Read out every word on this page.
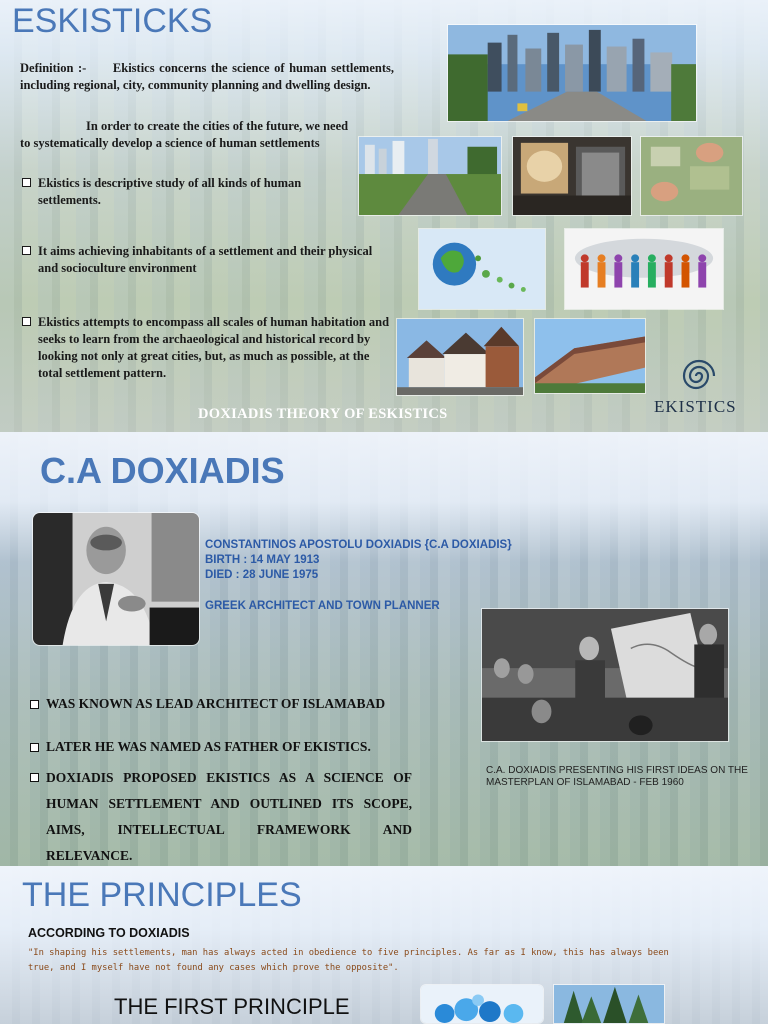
ESKISTICKS
Definition :- Ekistics concerns the science of human settlements, including regional, city, community planning and dwelling design.
In order to create the cities of the future, we need
to systematically develop a science of human settlements
Ekistics is descriptive study of all kinds of human settlements.
It aims achieving inhabitants of a settlement and their physical and socioculture environment
Ekistics attempts to encompass all scales of human habitation and seeks to learn from the archaeological and historical record by looking not only at great cities, but, as much as possible, at the total settlement pattern.
EKISTICS
DOXIADIS THEORY OF ESKISTICS
C.A DOXIADIS
CONSTANTINOS APOSTOLU DOXIADIS {C.A DOXIADIS}
BIRTH : 14 MAY 1913
DIED : 28 JUNE 1975
GREEK ARCHITECT AND TOWN PLANNER
C.A. DOXIADIS PRESENTING HIS FIRST IDEAS ON THE MASTERPLAN OF ISLAMABAD - FEB 1960
WAS KNOWN AS LEAD ARCHITECT OF ISLAMABAD
LATER HE WAS NAMED AS FATHER OF EKISTICS.
DOXIADIS PROPOSED EKISTICS AS A SCIENCE OF HUMAN SETTLEMENT AND OUTLINED ITS SCOPE, AIMS, INTELLECTUAL FRAMEWORK AND RELEVANCE.
THE PRINCIPLES
ACCORDING TO DOXIADIS
"In shaping his settlements, man has always acted in obedience to five principles. As far as I know, this has always been true, and I myself have not found any cases which prove the opposite".
THE FIRST PRINCIPLE
